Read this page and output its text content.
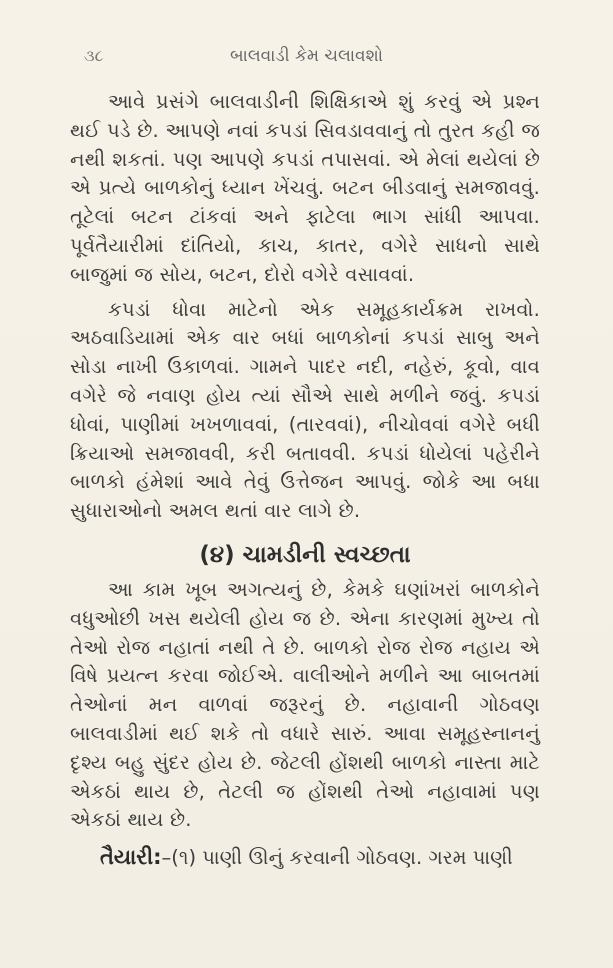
૩૮	બાલવાડી કેમ ચલાવશો

આવે પ્રસંગે બાલવાડીની શિક્ષિકાએ શું કરવું એ પ્રશ્ન થઈ પડે છે. આપણે નવાં કપડાં સિવડાવવાનું તો તુરત કહી જ નથી શકતાં. પણ આપણે કપડાં તપાસવાં. એ મેલાં થયેલાં છે એ પ્રત્યે બાળકોનું ધ્યાન ખેંચવું. બટન બીડવાનું સમજાવવું. તૂટેલાં બટન ટાંકવાં અને ફાટેલા ભાગ સાંધી આપવા. પૂર્વતૈયારીમાં દાંતિયો, કાચ, કાતર, વગેરે સાધનો સાથે બાજુમાં જ સોય, બટન, દોરો વગેરે વસાવવાં.

કપડાં ધોવા માટેનો એક સમૂહકાર્યક્રમ રાખવો. અઠવાડિયામાં એક વાર બધાં બાળકોનાં કપડાં સાબુ અને સોડા નાખી ઉકાળવાં. ગામને પાદર નદી, નહેરું, કૂવો, વાવ વગેરે જે નવાણ હોય ત્યાં સૌએ સાથે મળીને જવું. કપડાં ધોવાં, પાણીમાં ખખળાવવાં, (તારવવાં), નીચોવવાં વગેરે બધી ક્રિયાઓ સમજાવવી, કરી બતાવવી. કપડાં ધોયેલાં પહેરીને બાળકો હંમેશાં આવે તેવું ઉત્તેજન આપવું. જોકે આ બધા સુધારાઓનો અમલ થતાં વાર લાગે છે.

(૪) ચામડીની સ્વચ્છતા

આ કામ ખૂબ અગત્યનું છે, કેમકે ઘણાંખરાં બાળકોને વધુઓછી ખસ થયેલી હોય જ છે. એના કારણમાં મુખ્ય તો તેઓ રોજ નહાતાં નથી તે છે. બાળકો રોજ રોજ નહાય એ વિષે પ્રયત્ન કરવા જોઈએ. વાલીઓને મળીને આ બાબતમાં તેઓનાં મન વાળવાં જરૂરનું છે. નહાવાની ગોઠવણ બાલવાડીમાં થઈ શકે તો વધારે સારું. આવા સમૂહસ્નાનનું દૃશ્ય બહુ સુંદર હોય છે. જેટલી હોંશથી બાળકો નાસ્તા માટે એકઠાં થાય છે, તેટલી જ હોંશથી તેઓ નહાવામાં પણ એકઠાં થાય છે.

તૈયારી:–(૧) પાણી ઊનું કરવાની ગોઠવણ. ગરમ પાણી
